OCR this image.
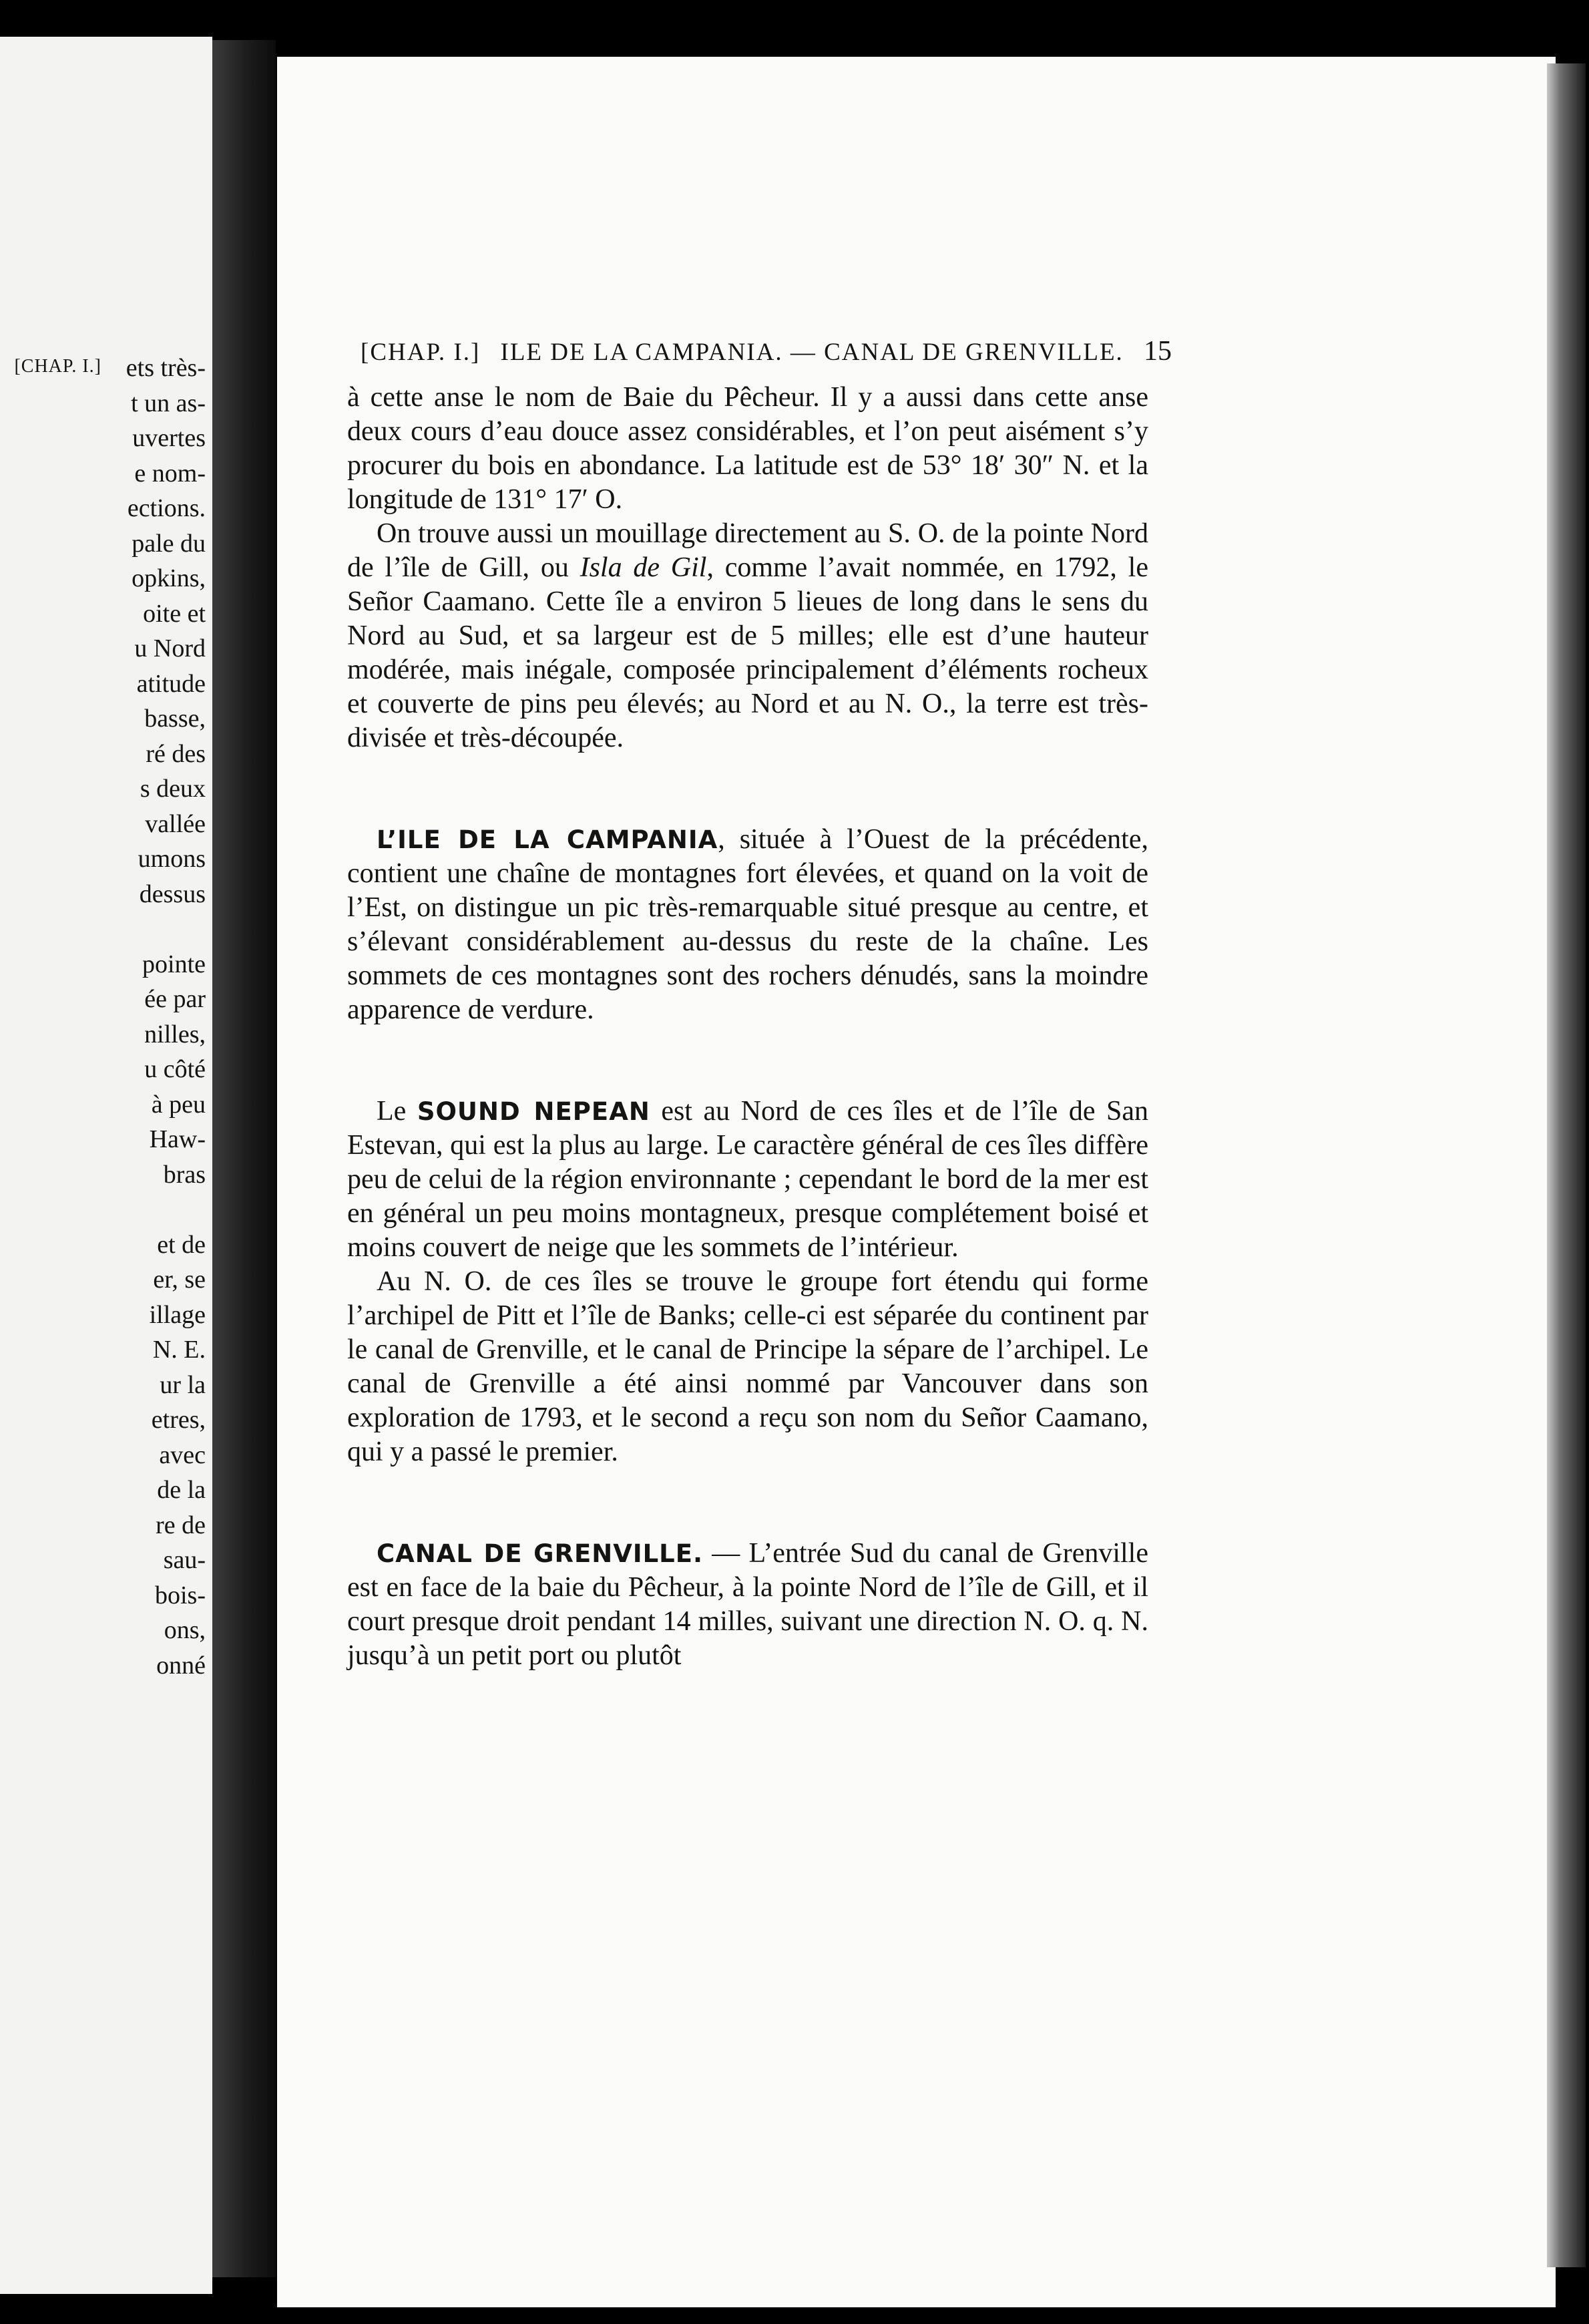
[CHAP. I.] ets très-
t un as-
uvertes
e nom-
ections.
pale du
opkins,
oite et
u Nord
atitude
basse,
ré des
s deux
vallée
umons
dessus

pointe
ée par
nilles,
u côté
à peu
Haw-
bras

et de
er, se
illage
N. E.
ur la
etres,
avec
de la
re de
sau-
bois-
ons,
onné
[CHAP. I.] ILE DE LA CAMPANIA. — CANAL DE GRENVILLE. 15

à cette anse le nom de Baie du Pêcheur. Il y a aussi dans cette anse deux cours d’eau douce assez considérables, et l’on peut aisément s’y procurer du bois en abondance. La latitude est de 53° 18′ 30″ N. et la longitude de 131° 17′ O.

On trouve aussi un mouillage directement au S. O. de la pointe Nord de l’île de Gill, ou Isla de Gil, comme l’avait nommée, en 1792, le Señor Caamano. Cette île a environ 5 lieues de long dans le sens du Nord au Sud, et sa largeur est de 5 milles; elle est d’une hauteur modérée, mais inégale, composée principalement d’éléments rocheux et couverte de pins peu élevés; au Nord et au N. O., la terre est très-divisée et très-découpée.

L’ILE DE LA CAMPANIA, située à l’Ouest de la précédente, contient une chaîne de montagnes fort élevées, et quand on la voit de l’Est, on distingue un pic très-remarquable situé presque au centre, et s’élevant considérablement au-dessus du reste de la chaîne. Les sommets de ces montagnes sont des rochers dénudés, sans la moindre apparence de verdure.

Le SOUND NEPEAN est au Nord de ces îles et de l’île de San Estevan, qui est la plus au large. Le caractère général de ces îles diffère peu de celui de la région environnante ; cependant le bord de la mer est en général un peu moins montagneux, presque complétement boisé et moins couvert de neige que les sommets de l’intérieur.

Au N. O. de ces îles se trouve le groupe fort étendu qui forme l’archipel de Pitt et l’île de Banks; celle-ci est séparée du continent par le canal de Grenville, et le canal de Principe la sépare de l’archipel. Le canal de Grenville a été ainsi nommé par Vancouver dans son exploration de 1793, et le second a reçu son nom du Señor Caamano, qui y a passé le premier.

CANAL DE GRENVILLE. — L’entrée Sud du canal de Grenville est en face de la baie du Pêcheur, à la pointe Nord de l’île de Gill, et il court presque droit pendant 14 milles, suivant une direction N. O. q. N. jusqu’à un petit port ou plutôt
